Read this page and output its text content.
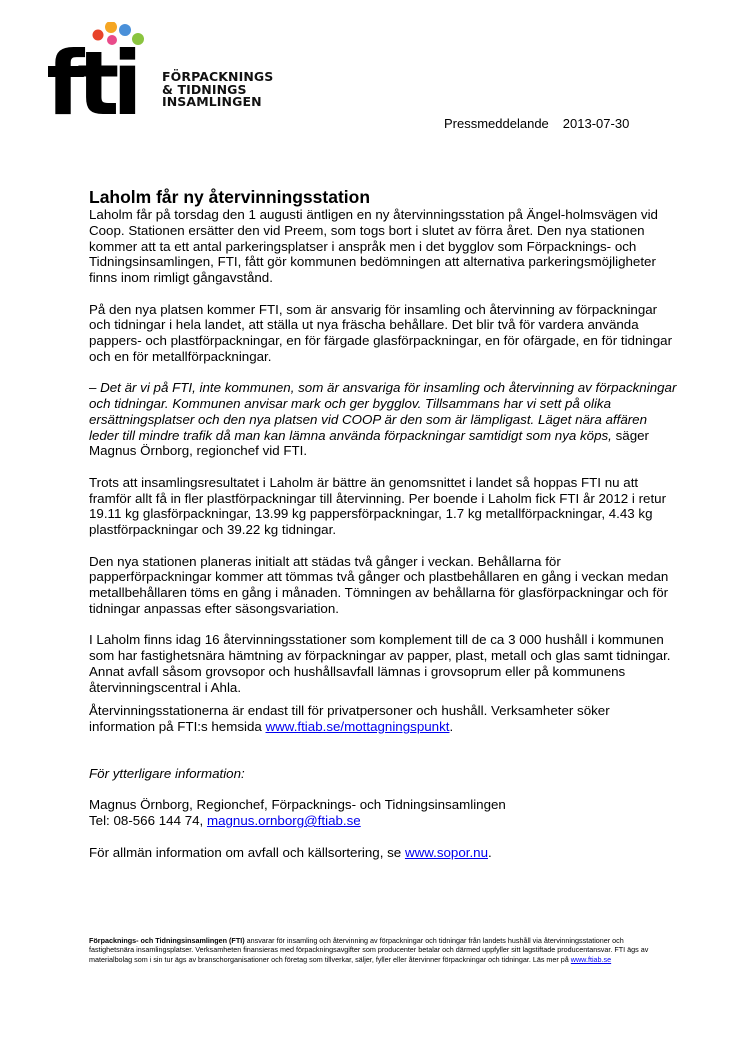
fti FÖRPACKNINGS
& TIDNINGS
INSAMLINGEN
Pressmeddelande 2013-07-30
Laholm får ny återvinningsstation

Laholm får på torsdag den 1 augusti äntligen en ny återvinningsstation på Ängel-holmsvägen vid Coop. Stationen ersätter den vid Preem, som togs bort i slutet av förra året. Den nya stationen kommer att ta ett antal parkeringsplatser i anspråk men i det bygglov som Förpacknings- och Tidningsinsamlingen, FTI, fått gör kommunen bedömningen att alternativa parkeringsmöjligheter finns inom rimligt gångavstånd.

På den nya platsen kommer FTI, som är ansvarig för insamling och återvinning av förpackningar och tidningar i hela landet, att ställa ut nya fräscha behållare. Det blir två för vardera använda pappers- och plastförpackningar, en för färgade glasförpackningar, en för ofärgade, en för tidningar och en för metallförpackningar.

– Det är vi på FTI, inte kommunen, som är ansvariga för insamling och återvinning av förpackningar och tidningar. Kommunen anvisar mark och ger bygglov. Tillsammans har vi sett på olika ersättningsplatser och den nya platsen vid COOP är den som är lämpligast. Läget nära affären leder till mindre trafik då man kan lämna använda förpackningar samtidigt som nya köps, säger Magnus Örnborg, regionchef vid FTI.

Trots att insamlingsresultatet i Laholm är bättre än genomsnittet i landet så hoppas FTI nu att framför allt få in fler plastförpackningar till återvinning. Per boende i Laholm fick FTI år 2012 i retur 19.11 kg glasförpackningar, 13.99 kg pappersförpackningar, 1.7 kg metallförpackningar, 4.43 kg plastförpackningar och 39.22 kg tidningar.

Den nya stationen planeras initialt att städas två gånger i veckan. Behållarna för papperförpackningar kommer att tömmas två gånger och plastbehållaren en gång i veckan medan metallbehållaren töms en gång i månaden. Tömningen av behållarna för glasförpackningar och för tidningar anpassas efter säsongsvariation.

I Laholm finns idag 16 återvinningsstationer som komplement till de ca 3 000 hushåll i kommunen som har fastighetsnära hämtning av förpackningar av papper, plast, metall och glas samt tidningar. Annat avfall såsom grovsopor och hushållsavfall lämnas i grovsoprum eller på kommunens återvinningscentral i Ahla.

Återvinningsstationerna är endast till för privatpersoner och hushåll. Verksamheter söker information på FTI:s hemsida www.ftiab.se/mottagningspunkt.

För ytterligare information:

Magnus Örnborg, Regionchef, Förpacknings- och Tidningsinsamlingen
Tel: 08-566 144 74, magnus.ornborg@ftiab.se

För allmän information om avfall och källsortering, se www.sopor.nu.

Förpacknings- och Tidningsinsamlingen (FTI) ansvarar för insamling och återvinning av förpackningar och tidningar från landets hushåll via återvinningsstationer och fastighetsnära insamlingsplatser. Verksamheten finansieras med förpackningsavgifter som producenter betalar och därmed uppfyller sitt lagstiftade producentansvar. FTI ägs av materialbolag som i sin tur ägs av branschorganisationer och företag som tillverkar, säljer, fyller eller återvinner förpackningar och tidningar. Läs mer på www.ftiab.se
